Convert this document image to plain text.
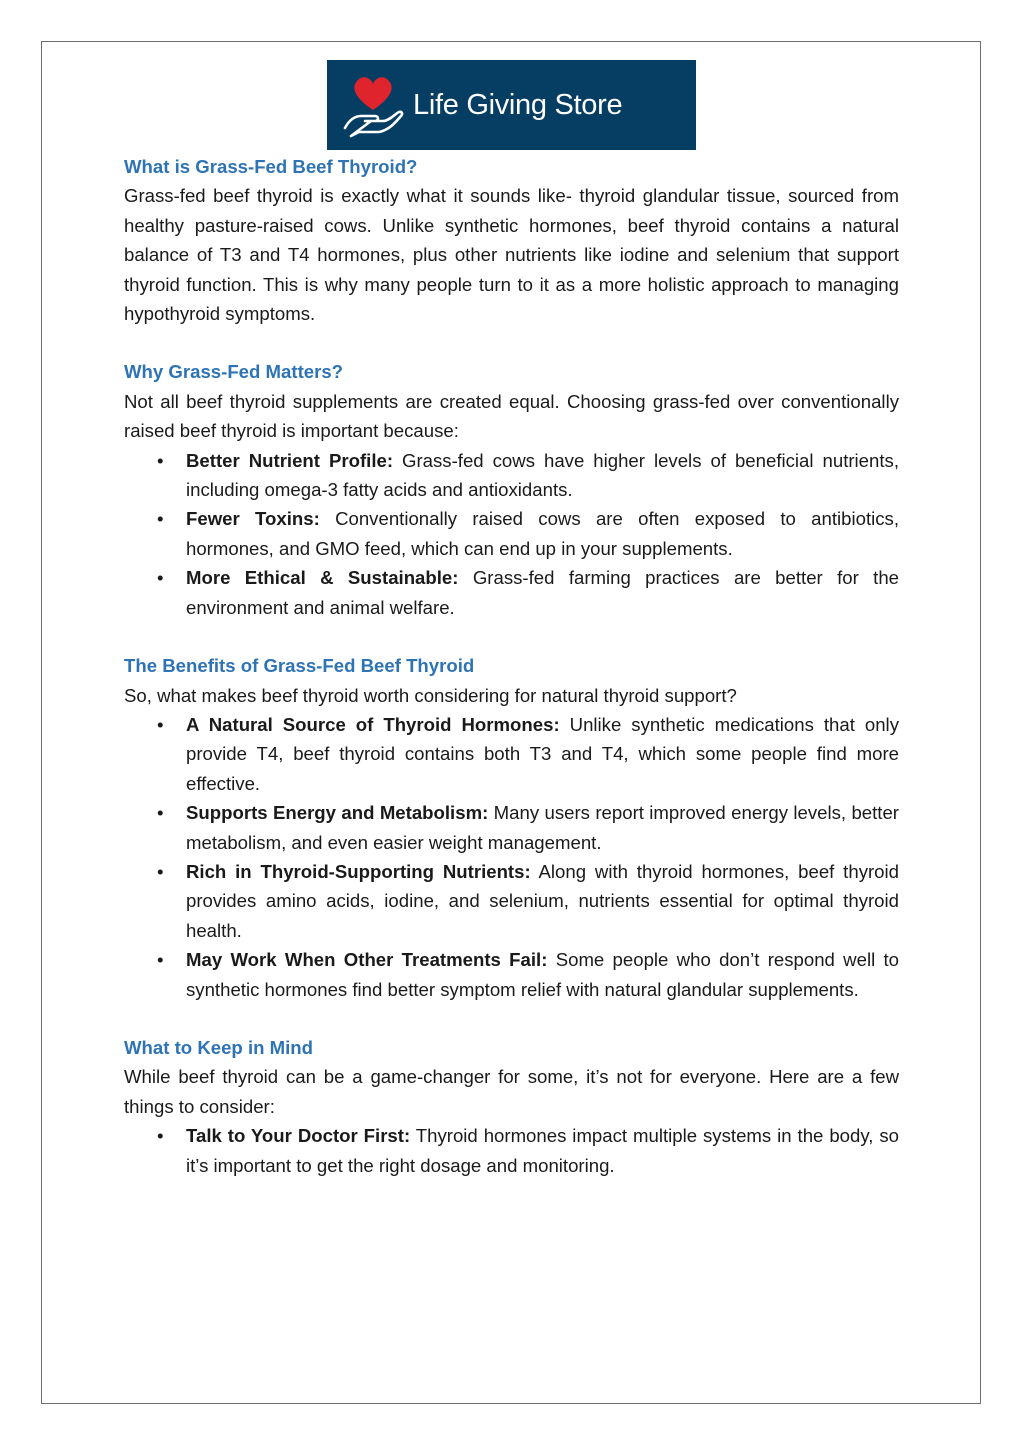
Life Giving Store
What is Grass-Fed Beef Thyroid?

Grass-fed beef thyroid is exactly what it sounds like- thyroid glandular tissue, sourced from healthy pasture-raised cows. Unlike synthetic hormones, beef thyroid contains a natural balance of T3 and T4 hormones, plus other nutrients like iodine and selenium that support thyroid function. This is why many people turn to it as a more holistic approach to managing hypothyroid symptoms.

Why Grass-Fed Matters?

Not all beef thyroid supplements are created equal. Choosing grass-fed over conventionally raised beef thyroid is important because:

• Better Nutrient Profile: Grass-fed cows have higher levels of beneficial nutrients, including omega-3 fatty acids and antioxidants.
• Fewer Toxins: Conventionally raised cows are often exposed to antibiotics, hormones, and GMO feed, which can end up in your supplements.
• More Ethical & Sustainable: Grass-fed farming practices are better for the environment and animal welfare.
The Benefits of Grass-Fed Beef Thyroid

So, what makes beef thyroid worth considering for natural thyroid support?

• A Natural Source of Thyroid Hormones: Unlike synthetic medications that only provide T4, beef thyroid contains both T3 and T4, which some people find more effective.
• Supports Energy and Metabolism: Many users report improved energy levels, better metabolism, and even easier weight management.
• Rich in Thyroid-Supporting Nutrients: Along with thyroid hormones, beef thyroid provides amino acids, iodine, and selenium, nutrients essential for optimal thyroid health.
• May Work When Other Treatments Fail: Some people who don’t respond well to synthetic hormones find better symptom relief with natural glandular supplements.
What to Keep in Mind

While beef thyroid can be a game-changer for some, it’s not for everyone. Here are a few things to consider:

• Talk to Your Doctor First: Thyroid hormones impact multiple systems in the body, so it’s important to get the right dosage and monitoring.
